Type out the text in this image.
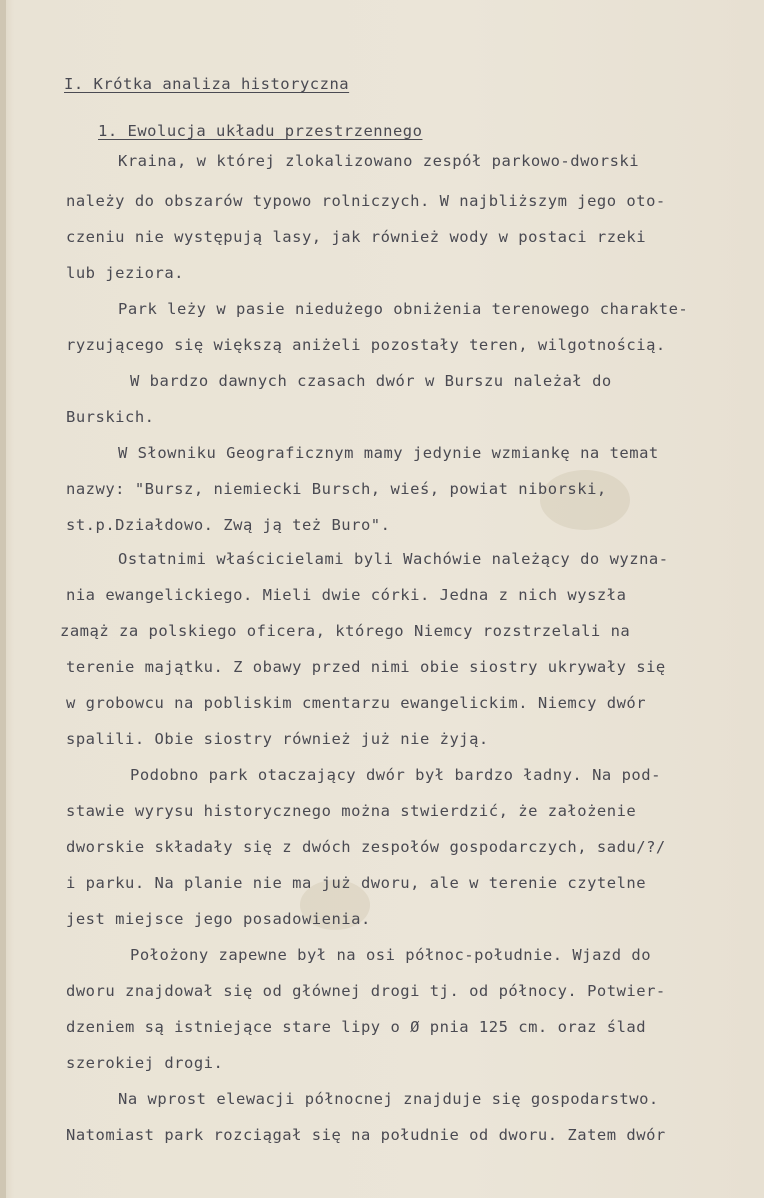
I. Krótka analiza historyczna
1. Ewolucja układu przestrzennego
Kraina, w której zlokalizowano zespół parkowo-dworski
należy do obszarów typowo rolniczych. W najbliższym jego oto-
czeniu nie występują lasy, jak również wody w postaci rzeki
lub jeziora.
Park leży w pasie niedużego obniżenia terenowego charakte-
ryzującego się większą aniżeli pozostały teren, wilgotnością.
W bardzo dawnych czasach dwór w Burszu należał do
Burskich.
W Słowniku Geograficznym mamy jedynie wzmiankę na temat
nazwy: "Bursz, niemiecki Bursch, wieś, powiat niborski,
st.p.Działdowo. Zwą ją też Buro".
Ostatnimi właścicielami byli Wachówie należący do wyzna-
nia ewangelickiego. Mieli dwie córki. Jedna z nich wyszła
zamąż za polskiego oficera, którego Niemcy rozstrzelali na
terenie majątku. Z obawy przed nimi obie siostry ukrywały się
w grobowcu na pobliskim cmentarzu ewangelickim. Niemcy dwór
spalili. Obie siostry również już nie żyją.
Podobno park otaczający dwór był bardzo ładny. Na pod-
stawie wyrysu historycznego można stwierdzić, że założenie
dworskie składały się z dwóch zespołów gospodarczych, sadu/?/
i parku. Na planie nie ma już dworu, ale w terenie czytelne
jest miejsce jego posadowienia.
Położony zapewne był na osi północ-południe. Wjazd do
dworu znajdował się od głównej drogi tj. od północy. Potwier-
dzeniem są istniejące stare lipy o Ø pnia 125 cm. oraz ślad
szerokiej drogi.
Na wprost elewacji północnej znajduje się gospodarstwo.
Natomiast park rozciągał się na południe od dworu. Zatem dwór
